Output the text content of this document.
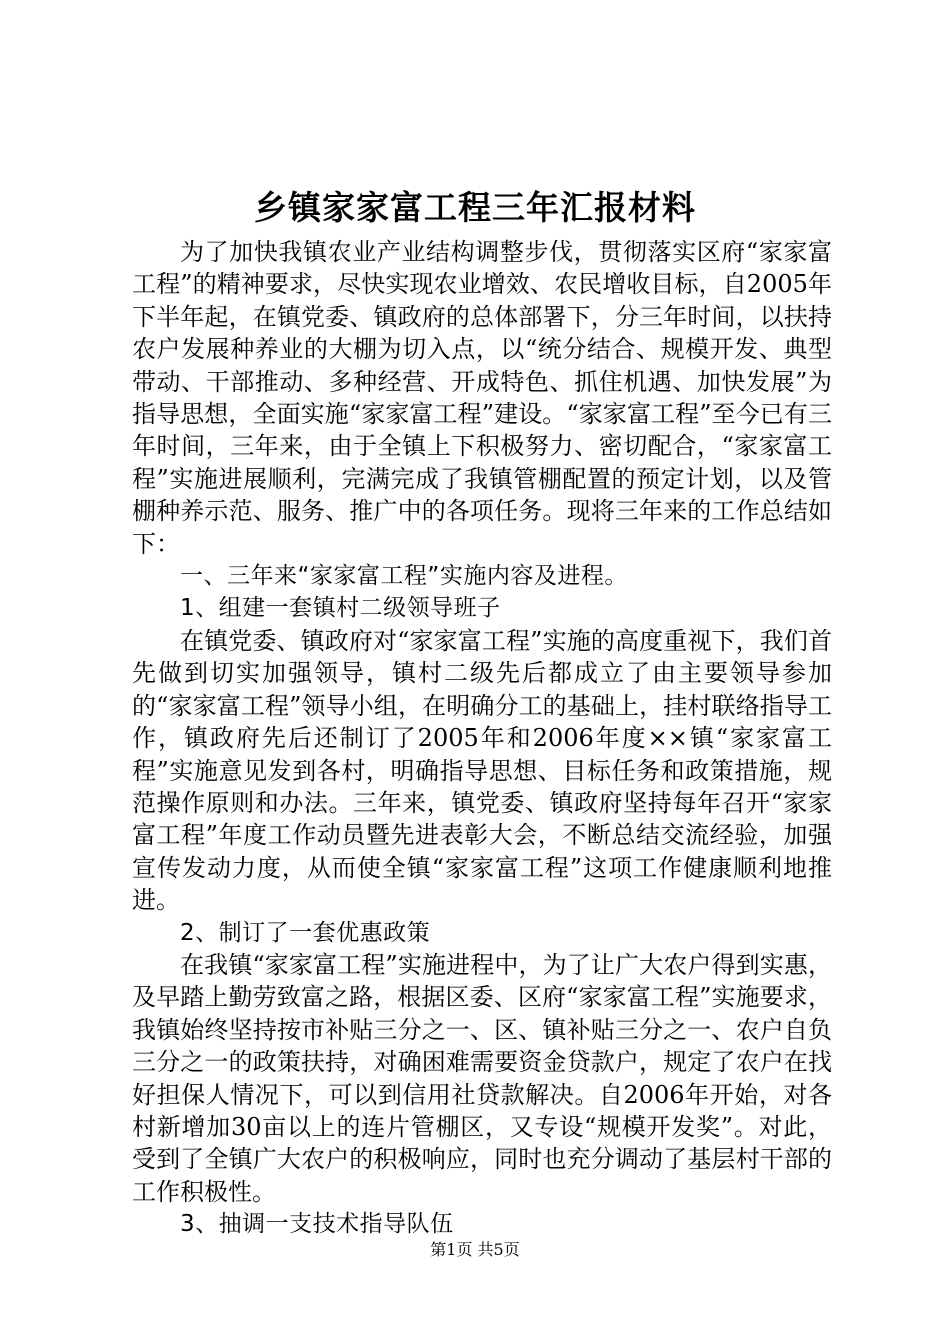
乡镇家家富工程三年汇报材料

为了加快我镇农业产业结构调整步伐，贯彻落实区府“家家富工程”的精神要求，尽快实现农业增效、农民增收目标，自2005年下半年起，在镇党委、镇政府的总体部署下，分三年时间，以扶持农户发展种养业的大棚为切入点，以“统分结合、规模开发、典型带动、干部推动、多种经营、开成特色、抓住机遇、加快发展”为指导思想，全面实施“家家富工程”建设。“家家富工程”至今已有三年时间，三年来，由于全镇上下积极努力、密切配合，“家家富工程”实施进展顺利，完满完成了我镇管棚配置的预定计划，以及管棚种养示范、服务、推广中的各项任务。现将三年来的工作总结如下：

一、三年来“家家富工程”实施内容及进程。
1、组建一套镇村二级领导班子

在镇党委、镇政府对“家家富工程”实施的高度重视下，我们首先做到切实加强领导，镇村二级先后都成立了由主要领导参加的“家家富工程”领导小组，在明确分工的基础上，挂村联络指导工作，镇政府先后还制订了2005年和2006年度××镇“家家富工程”实施意见发到各村，明确指导思想、目标任务和政策措施，规范操作原则和办法。三年来，镇党委、镇政府坚持每年召开“家家富工程”年度工作动员暨先进表彰大会，不断总结交流经验，加强宣传发动力度，从而使全镇“家家富工程”这项工作健康顺利地推进。

2、制订了一套优惠政策

在我镇“家家富工程”实施进程中，为了让广大农户得到实惠，及早踏上勤劳致富之路，根据区委、区府“家家富工程”实施要求，我镇始终坚持按市补贴三分之一、区、镇补贴三分之一、农户自负三分之一的政策扶持，对确困难需要资金贷款户，规定了农户在找好担保人情况下，可以到信用社贷款解决。自2006年开始，对各村新增加30亩以上的连片管棚区，又专设“规模开发奖”。对此，受到了全镇广大农户的积极响应，同时也充分调动了基层村干部的工作积极性。

3、抽调一支技术指导队伍
第1页 共5页
